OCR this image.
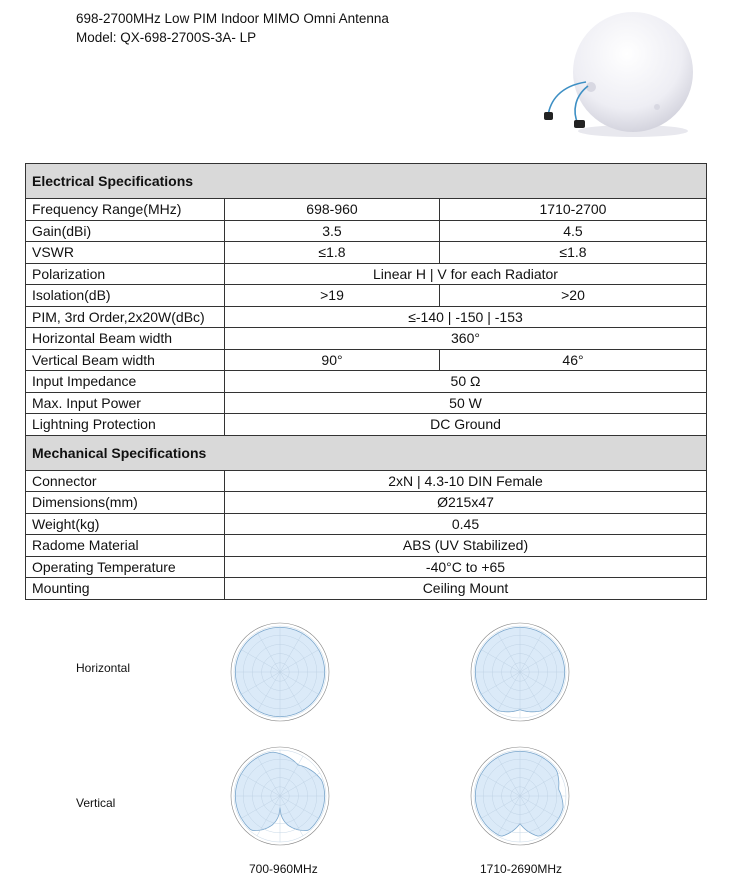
698-2700MHz Low PIM Indoor MIMO Omni Antenna
Model: QX-698-2700S-3A- LP
Electrical Specifications		
Frequency Range(MHz)	698-960	1710-2700
Gain(dBi)	3.5	4.5
VSWR	≤1.8	≤1.8
Polarization	Linear H | V for each Radiator	
Isolation(dB)	>19	>20
PIM, 3rd Order,2x20W(dBc)	≤-140 | -150 | -153	
Horizontal Beam width	360°	
Vertical Beam width	90°	46°
Input Impedance	50 Ω	
Max. Input Power	50 W	
Lightning Protection	DC Ground	
Mechanical Specifications		
Connector	2xN | 4.3-10 DIN Female	
Dimensions(mm)	Ø215x47	
Weight(kg)	0.45	
Radome Material	ABS (UV Stabilized)	
Operating Temperature	-40°C to +65	
Mounting	Ceiling Mount	
Horizontal
Vertical
700-960MHz	1710-2690MHz
